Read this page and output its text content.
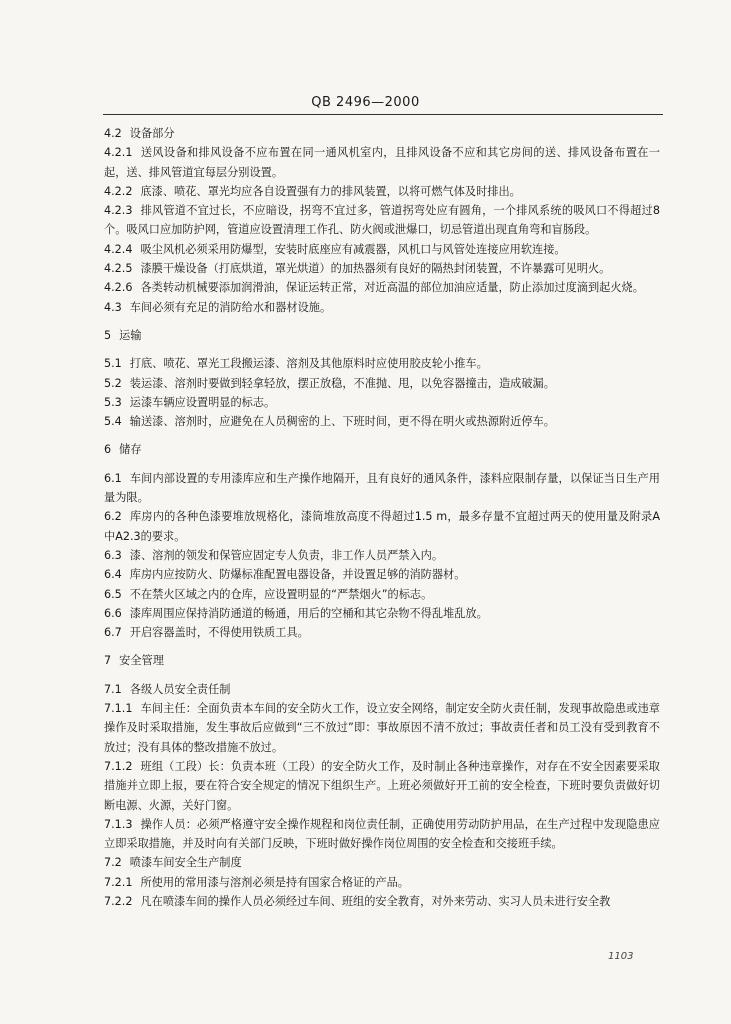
QB 2496—2000

4.2 设备部分

4.2.1 送风设备和排风设备不应布置在同一通风机室内，且排风设备不应和其它房间的送、排风设备布置在一起，送、排风管道宜每层分别设置。

4.2.2 底漆、喷花、罩光均应各自设置强有力的排风装置，以将可燃气体及时排出。

4.2.3 排风管道不宜过长，不应暗设，拐弯不宜过多，管道拐弯处应有圆角，一个排风系统的吸风口不得超过8个。吸风口应加防护网，管道应设置清理工作孔、防火阀或泄爆口，切忌管道出现直角弯和盲肠段。

4.2.4 吸尘风机必须采用防爆型，安装时底座应有减震器，风机口与风管处连接应用软连接。

4.2.5 漆膜干燥设备（打底烘道，罩光烘道）的加热器须有良好的隔热封闭装置，不许暴露可见明火。

4.2.6 各类转动机械要添加润滑油，保证运转正常，对近高温的部位加油应适量，防止添加过度滴到起火烧。

4.3 车间必须有充足的消防给水和器材设施。

5 运输

5.1 打底、喷花、罩光工段搬运漆、溶剂及其他原料时应使用胶皮轮小推车。

5.2 装运漆、溶剂时要做到轻拿轻放，摆正放稳，不准抛、甩，以免容器撞击，造成破漏。

5.3 运漆车辆应设置明显的标志。

5.4 输送漆、溶剂时，应避免在人员稠密的上、下班时间，更不得在明火或热源附近停车。

6 储存

6.1 车间内部设置的专用漆库应和生产操作地隔开，且有良好的通风条件，漆料应限制存量，以保证当日生产用量为限。

6.2 库房内的各种色漆要堆放规格化，漆筒堆放高度不得超过1.5 m，最多存量不宜超过两天的使用量及附录A中A2.3的要求。

6.3 漆、溶剂的领发和保管应固定专人负责，非工作人员严禁入内。

6.4 库房内应按防火、防爆标准配置电器设备，并设置足够的消防器材。

6.5 不在禁火区域之内的仓库，应设置明显的“严禁烟火”的标志。

6.6 漆库周围应保持消防通道的畅通，用后的空桶和其它杂物不得乱堆乱放。

6.7 开启容器盖时，不得使用铁质工具。

7 安全管理

7.1 各级人员安全责任制

7.1.1 车间主任：全面负责本车间的安全防火工作，设立安全网络，制定安全防火责任制，发现事故隐患或违章操作及时采取措施，发生事故后应做到“三不放过”即：事故原因不清不放过；事故责任者和员工没有受到教育不放过；没有具体的整改措施不放过。

7.1.2 班组（工段）长：负责本班（工段）的安全防火工作，及时制止各种违章操作，对存在不安全因素要采取措施并立即上报，要在符合安全规定的情况下组织生产。上班必须做好开工前的安全检查，下班时要负责做好切断电源、火源，关好门窗。

7.1.3 操作人员：必须严格遵守安全操作规程和岗位责任制，正确使用劳动防护用品，在生产过程中发现隐患应立即采取措施，并及时向有关部门反映，下班时做好操作岗位周围的安全检查和交接班手续。

7.2 喷漆车间安全生产制度

7.2.1 所使用的常用漆与溶剂必须是持有国家合格证的产品。

7.2.2 凡在喷漆车间的操作人员必须经过车间、班组的安全教育，对外来劳动、实习人员未进行安全教

1103
